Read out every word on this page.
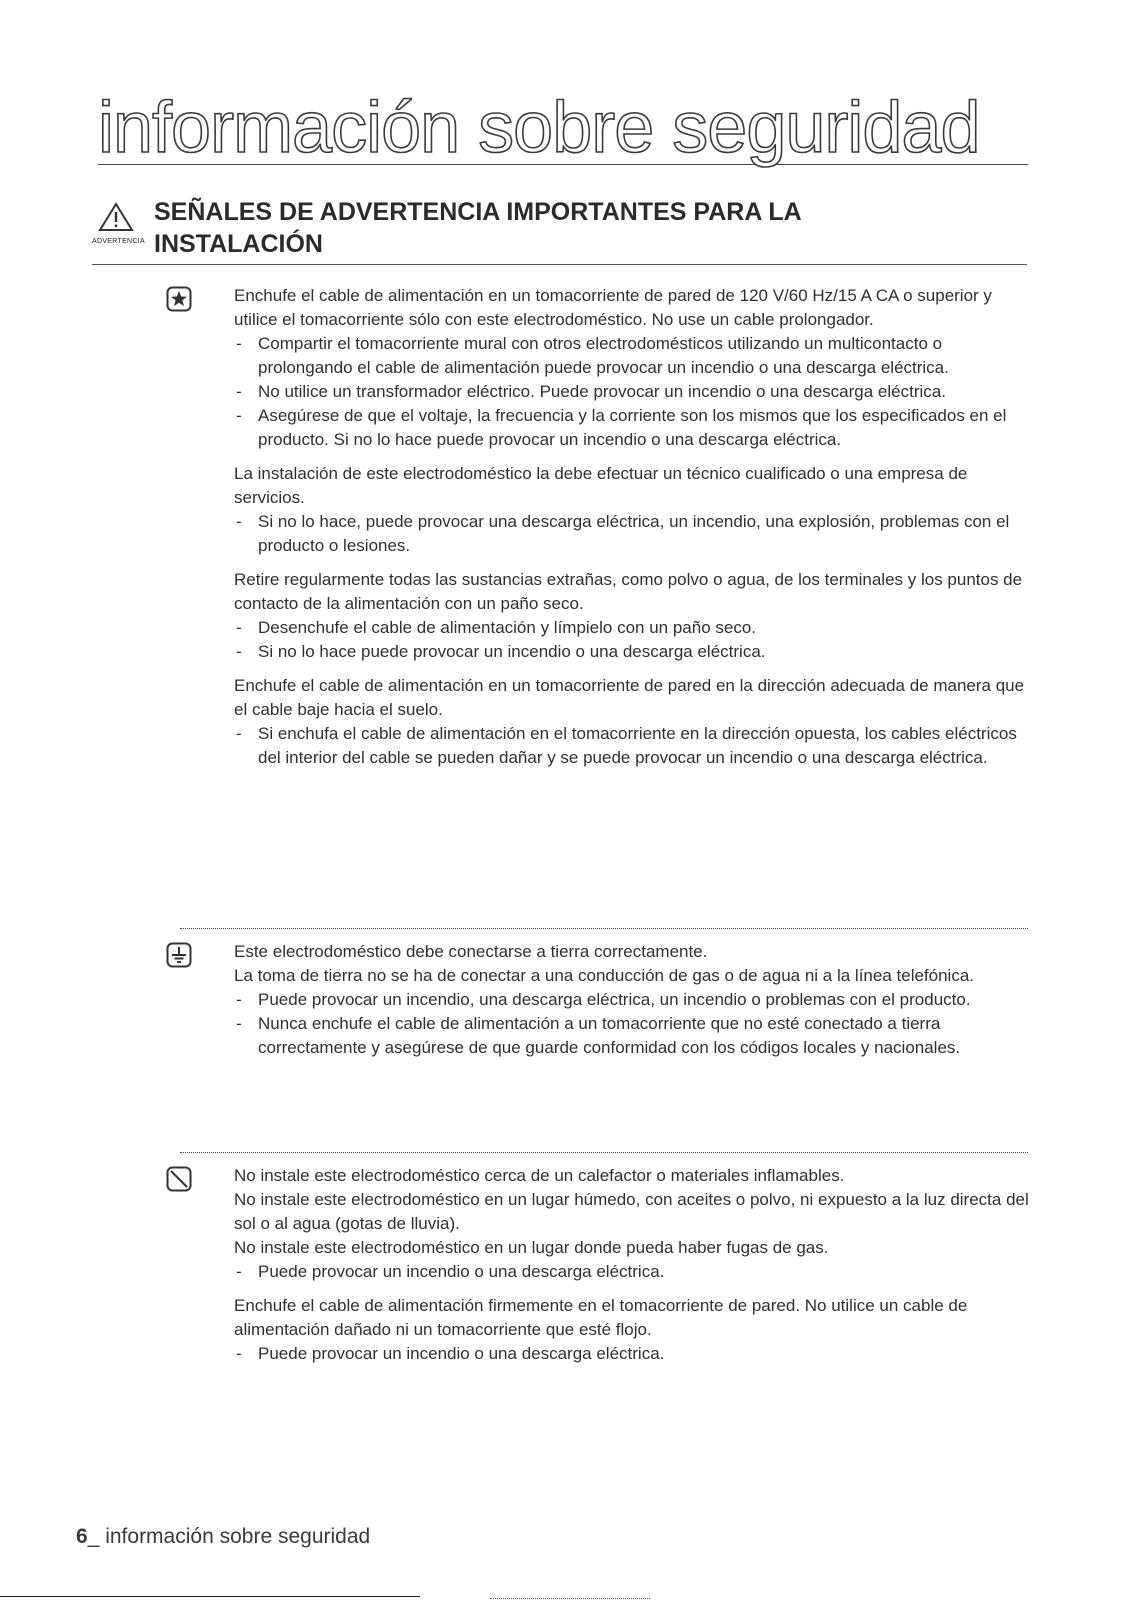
información sobre seguridad
ADVERTENCIA
SEÑALES DE ADVERTENCIA IMPORTANTES PARA LA
INSTALACIÓN
Enchufe el cable de alimentación en un tomacorriente de pared de 120 V/60 Hz/15 A CA o superior y utilice el tomacorriente sólo con este electrodoméstico. No use un cable prolongador.
- Compartir el tomacorriente mural con otros electrodomésticos utilizando un multicontacto o prolongando el cable de alimentación puede provocar un incendio o una descarga eléctrica.
- No utilice un transformador eléctrico. Puede provocar un incendio o una descarga eléctrica.
- Asegúrese de que el voltaje, la frecuencia y la corriente son los mismos que los especificados en el producto. Si no lo hace puede provocar un incendio o una descarga eléctrica.
La instalación de este electrodoméstico la debe efectuar un técnico cualificado o una empresa de servicios.
- Si no lo hace, puede provocar una descarga eléctrica, un incendio, una explosión, problemas con el producto o lesiones.
Retire regularmente todas las sustancias extrañas, como polvo o agua, de los terminales y los puntos de contacto de la alimentación con un paño seco.
- Desenchufe el cable de alimentación y límpielo con un paño seco.
- Si no lo hace puede provocar un incendio o una descarga eléctrica.
Enchufe el cable de alimentación en un tomacorriente de pared en la dirección adecuada de manera que el cable baje hacia el suelo.
- Si enchufa el cable de alimentación en el tomacorriente en la dirección opuesta, los cables eléctricos del interior del cable se pueden dañar y se puede provocar un incendio o una descarga eléctrica.
Este electrodoméstico debe conectarse a tierra correctamente.
La toma de tierra no se ha de conectar a una conducción de gas o de agua ni a la línea telefónica.
- Puede provocar un incendio, una descarga eléctrica, un incendio o problemas con el producto.
- Nunca enchufe el cable de alimentación a un tomacorriente que no esté conectado a tierra correctamente y asegúrese de que guarde conformidad con los códigos locales y nacionales.
No instale este electrodoméstico cerca de un calefactor o materiales inflamables.
No instale este electrodoméstico en un lugar húmedo, con aceites o polvo, ni expuesto a la luz directa del sol o al agua (gotas de lluvia).
No instale este electrodoméstico en un lugar donde pueda haber fugas de gas.
- Puede provocar un incendio o una descarga eléctrica.
Enchufe el cable de alimentación firmemente en el tomacorriente de pared. No utilice un cable de alimentación dañado ni un tomacorriente que esté flojo.
- Puede provocar un incendio o una descarga eléctrica.
6_ información sobre seguridad
